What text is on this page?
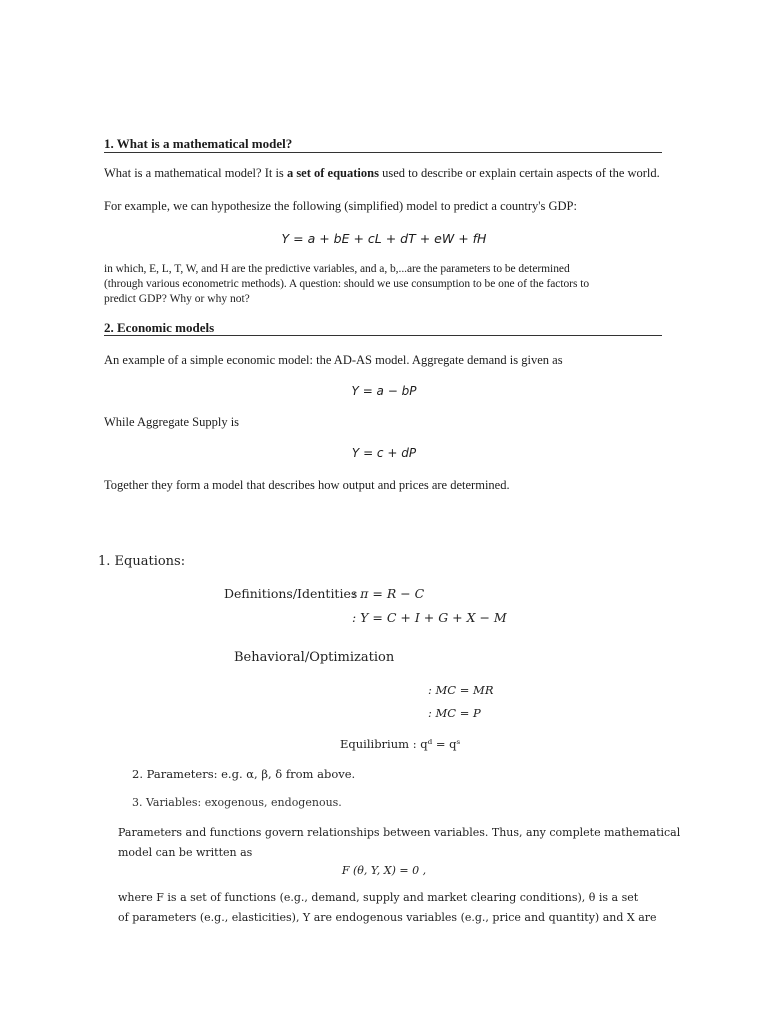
1. What is a mathematical model?
What is a mathematical model? It is a set of equations used to describe or explain certain aspects of the world.
For example, we can hypothesize the following (simplified) model to predict a country's GDP:
Y = a + bE + cL + dT + eW + fH
in which, E, L, T, W, and H are the predictive variables, and a, b,...are the parameters to be determined
(through various econometric methods). A question: should we use consumption to be one of the factors to
predict GDP? Why or why not?
2. Economic models
An example of a simple economic model: the AD-AS model. Aggregate demand is given as
Y = a − bP
While Aggregate Supply is
Y = c + dP
Together they form a model that describes how output and prices are determined.
1. Equations:
Definitions/Identities
: π = R − C
: Y = C + I + G + X − M
Behavioral/Optimization
: MC = MR
: MC = P
Equilibrium : qᵈ = qˢ
2. Parameters: e.g. α, β, δ from above.
3. Variables: exogenous, endogenous.
Parameters and functions govern relationships between variables. Thus, any complete mathematical
model can be written as
F (θ, Y, X) = 0 ,
where F is a set of functions (e.g., demand, supply and market clearing conditions), θ is a set
of parameters (e.g., elasticities), Y are endogenous variables (e.g., price and quantity) and X are
